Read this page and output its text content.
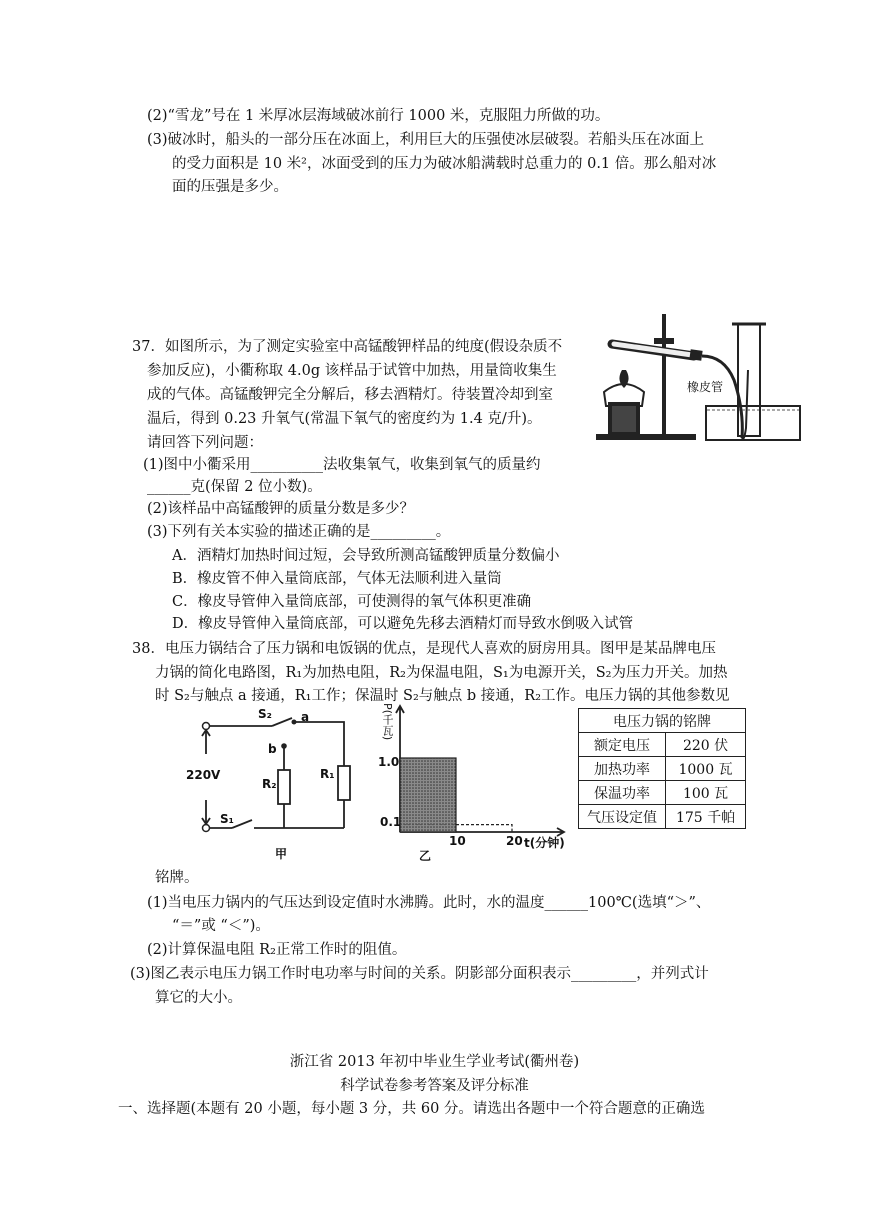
(2)“雪龙”号在 1 米厚冰层海域破冰前行 1000 米，克服阻力所做的功。
(3)破冰时，船头的一部分压在冰面上，利用巨大的压强使冰层破裂。若船头压在冰面上
的受力面积是 10 米²，冰面受到的压力为破冰船满载时总重力的 0.1 倍。那么船对冰
面的压强是多少。
37．如图所示，为了测定实验室中高锰酸钾样品的纯度(假设杂质不
参加反应)，小衢称取 4.0g 该样品于试管中加热，用量筒收集生
成的气体。高锰酸钾完全分解后，移去酒精灯。待装置冷却到室
温后，得到 0.23 升氧气(常温下氧气的密度约为 1.4 克/升)。
请回答下列问题：
(1)图中小衢采用__________法收集氧气，收集到氧气的质量约
______克(保留 2 位小数)。
(2)该样品中高锰酸钾的质量分数是多少？
(3)下列有关本实验的描述正确的是_________。
A．酒精灯加热时间过短，会导致所测高锰酸钾质量分数偏小
B．橡皮管不伸入量筒底部，气体无法顺利进入量筒
C．橡皮导管伸入量筒底部，可使测得的氧气体积更准确
D．橡皮导管伸入量筒底部，可以避免先移去酒精灯而导致水倒吸入试管
橡皮管
38．电压力锅结合了压力锅和电饭锅的优点，是现代人喜欢的厨房用具。图甲是某品牌电压
力锅的简化电路图，R₁为加热电阻，R₂为保温电阻，S₁为电源开关，S₂为压力开关。加热
时 S₂与触点 a 接通，R₁工作；保温时 S₂与触点 b 接通，R₂工作。电压力锅的其他参数见
S₂ a
b
220V
R₂
R₁
S₁
甲
P(千瓦)
1.0
0.1
10	20 t(分钟)
乙
电压力锅的铭牌	
额定电压	220 伏
加热功率	1000 瓦
保温功率	100 瓦
气压设定值	175 千帕
铭牌。
(1)当电压力锅内的气压达到设定值时水沸腾。此时，水的温度______100℃(选填“＞”、
“＝”或 “＜”)。
(2)计算保温电阻 R₂正常工作时的阻值。
(3)图乙表示电压力锅工作时电功率与时间的关系。阴影部分面积表示_________，并列式计
算它的大小。
浙江省 2013 年初中毕业生学业考试(衢州卷)
科学试卷参考答案及评分标准
一、选择题(本题有 20 小题，每小题 3 分，共 60 分。请选出各题中一个符合题意的正确选
